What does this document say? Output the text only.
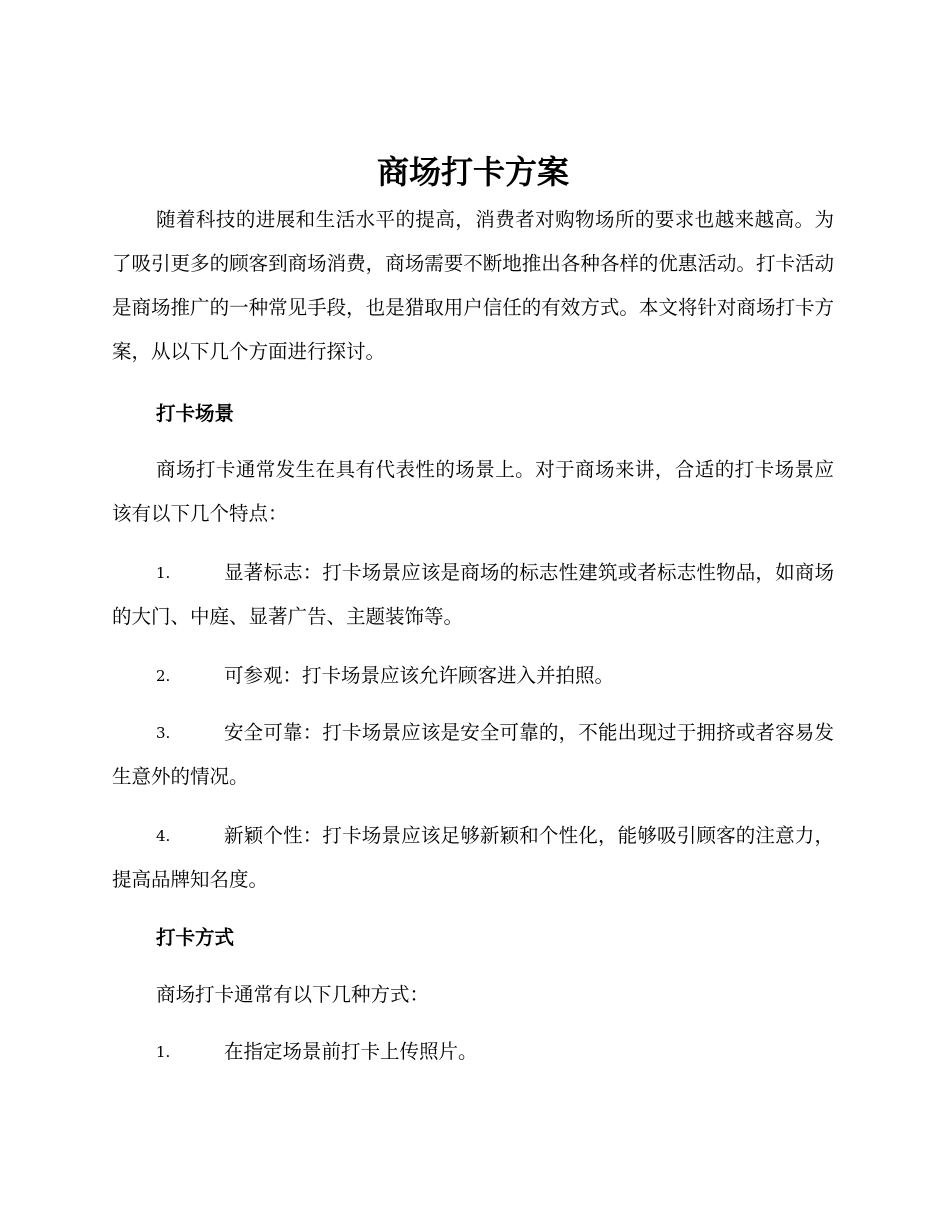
商场打卡方案

随着科技的进展和生活水平的提高，消费者对购物场所的要求也越来越高。为了吸引更多的顾客到商场消费，商场需要不断地推出各种各样的优惠活动。打卡活动是商场推广的一种常见手段，也是猎取用户信任的有效方式。本文将针对商场打卡方案，从以下几个方面进行探讨。

打卡场景

商场打卡通常发生在具有代表性的场景上。对于商场来讲，合适的打卡场景应该有以下几个特点：

1.	显著标志：打卡场景应该是商场的标志性建筑或者标志性物品，如商场的大门、中庭、显著广告、主题装饰等。
2.	可参观：打卡场景应该允许顾客进入并拍照。
3.	安全可靠：打卡场景应该是安全可靠的，不能出现过于拥挤或者容易发生意外的情况。
4.	新颖个性：打卡场景应该足够新颖和个性化，能够吸引顾客的注意力，提高品牌知名度。
打卡方式

商场打卡通常有以下几种方式：

1.	在指定场景前打卡上传照片。
